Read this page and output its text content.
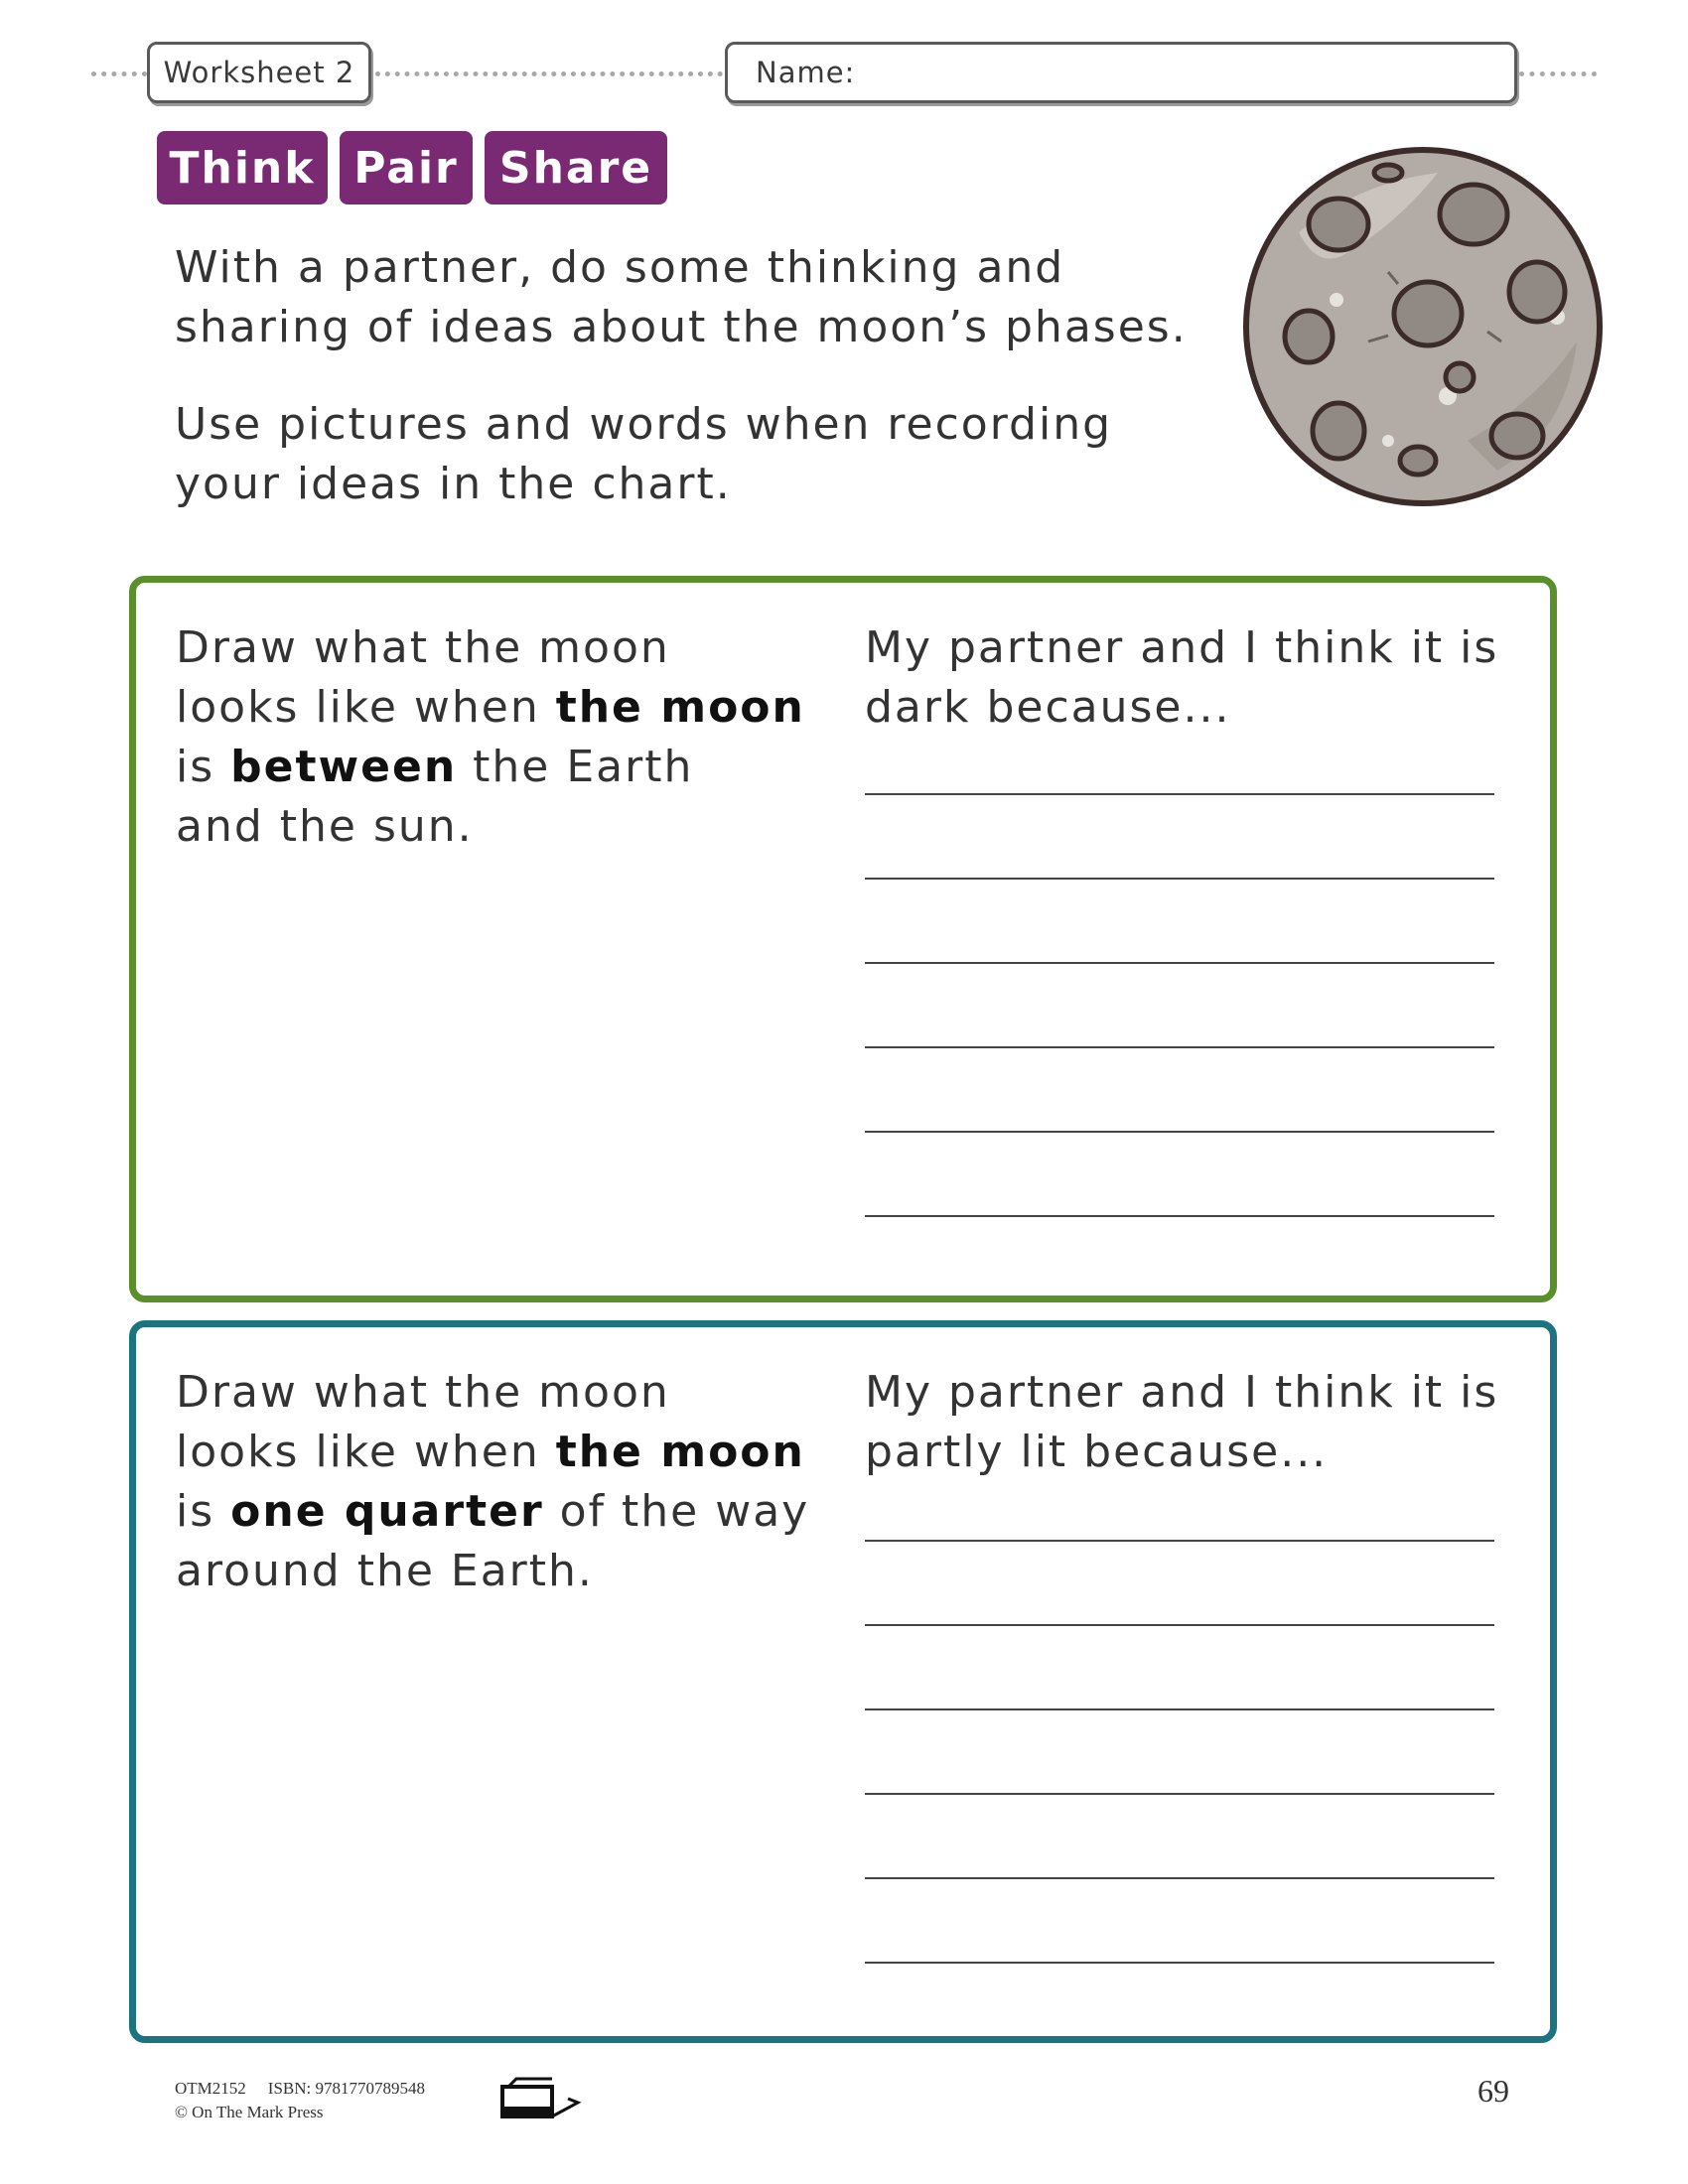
Worksheet 2	Name:
Think Pair Share
With a partner, do some thinking and
sharing of ideas about the moon’s phases.
Use pictures and words when recording
your ideas in the chart.
Draw what the moon
looks like when the moon
is between the Earth
and the sun.
My partner and I think it is
dark because...
Draw what the moon
looks like when the moon
is one quarter of the way
around the Earth.
My partner and I think it is
partly lit because...
OTM2152 ISBN: 9781770789548
© On The Mark Press
69
